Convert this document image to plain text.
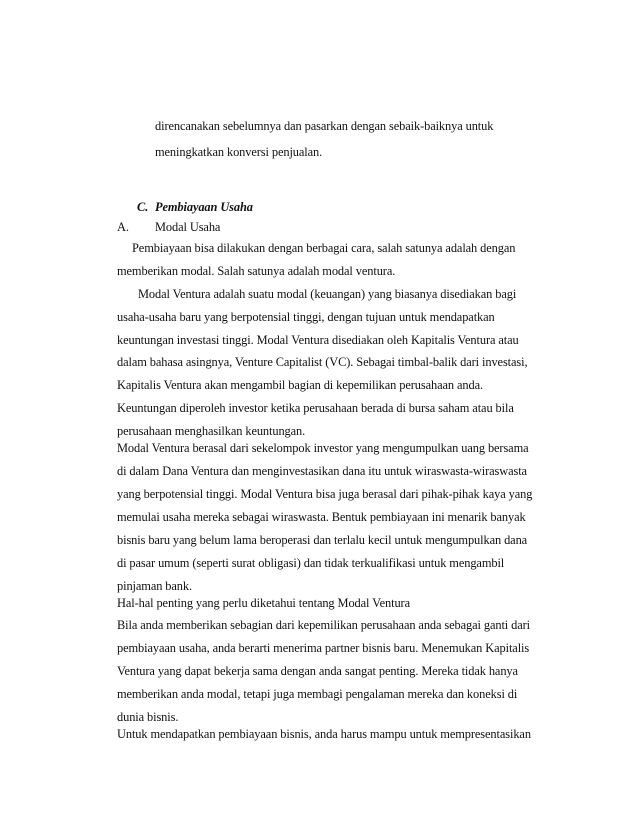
direncanakan sebelumnya dan pasarkan dengan sebaik-baiknya untuk
meningkatkan konversi penjualan.
C. Pembiayaan Usaha
A. Modal Usaha
Pembiayaan bisa dilakukan dengan berbagai cara, salah satunya adalah dengan
memberikan modal. Salah satunya adalah modal ventura.
Modal Ventura adalah suatu modal (keuangan) yang biasanya disediakan bagi
usaha-usaha baru yang berpotensial tinggi, dengan tujuan untuk mendapatkan
keuntungan investasi tinggi. Modal Ventura disediakan oleh Kapitalis Ventura atau
dalam bahasa asingnya, Venture Capitalist (VC). Sebagai timbal-balik dari investasi,
Kapitalis Ventura akan mengambil bagian di kepemilikan perusahaan anda.
Keuntungan diperoleh investor ketika perusahaan berada di bursa saham atau bila
perusahaan menghasilkan keuntungan.
Modal Ventura berasal dari sekelompok investor yang mengumpulkan uang bersama
di dalam Dana Ventura dan menginvestasikan dana itu untuk wiraswasta-wiraswasta
yang berpotensial tinggi. Modal Ventura bisa juga berasal dari pihak-pihak kaya yang
memulai usaha mereka sebagai wiraswasta. Bentuk pembiayaan ini menarik banyak
bisnis baru yang belum lama beroperasi dan terlalu kecil untuk mengumpulkan dana
di pasar umum (seperti surat obligasi) dan tidak terkualifikasi untuk mengambil
pinjaman bank.
Hal-hal penting yang perlu diketahui tentang Modal Ventura
Bila anda memberikan sebagian dari kepemilikan perusahaan anda sebagai ganti dari
pembiayaan usaha, anda berarti menerima partner bisnis baru. Menemukan Kapitalis
Ventura yang dapat bekerja sama dengan anda sangat penting. Mereka tidak hanya
memberikan anda modal, tetapi juga membagi pengalaman mereka dan koneksi di
dunia bisnis.
Untuk mendapatkan pembiayaan bisnis, anda harus mampu untuk mempresentasikan
